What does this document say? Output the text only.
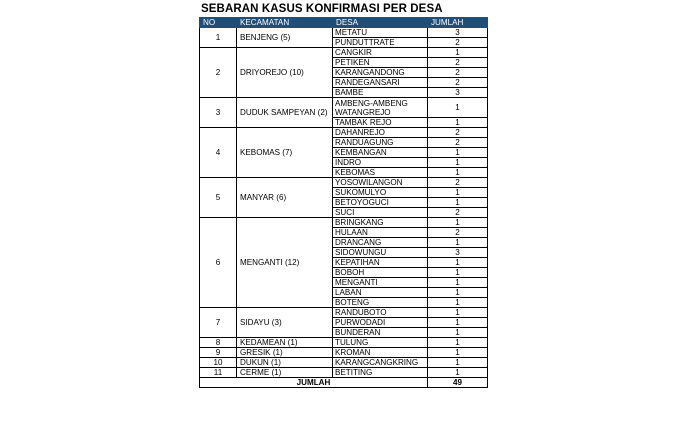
SEBARAN KASUS KONFIRMASI PER DESA
NO	KECAMATAN	DESA	JUMLAH
1	BENJENG (5)	METATU	3
		PUNDUTTRATE	2
2	DRIYOREJO (10)	CANGKIR	1
		PETIKEN	2
		KARANGANDONG	2
		RANDEGANSARI	2
		BAMBE	3
3	DUDUK SAMPEYAN (2)	AMBENG-AMBENG WATANGREJO	1
		TAMBAK REJO	1
4	KEBOMAS (7)	DAHANREJO	2
		RANDUAGUNG	2
		KEMBANGAN	1
		INDRO	1
		KEBOMAS	1
5	MANYAR (6)	YOSOWILANGON	2
		SUKOMULYO	1
		BETOYOGUCI	1
		SUCI	2
6	MENGANTI (12)	BRINGKANG	1
		HULAAN	2
		DRANCANG	1
		SIDOWUNGU	3
		KEPATIHAN	1
		BOBOH	1
		MENGANTI	1
		LABAN	1
		BOTENG	1
7	SIDAYU (3)	RANDUBOTO	1
		PURWODADI	1
		BUNDERAN	1
8	KEDAMEAN (1)	TULUNG	1
9	GRESIK (1)	KROMAN	1
10	DUKUN (1)	KARANGCANGKRING	1
11	CERME (1)	BETITING	1
JUMLAH			49
